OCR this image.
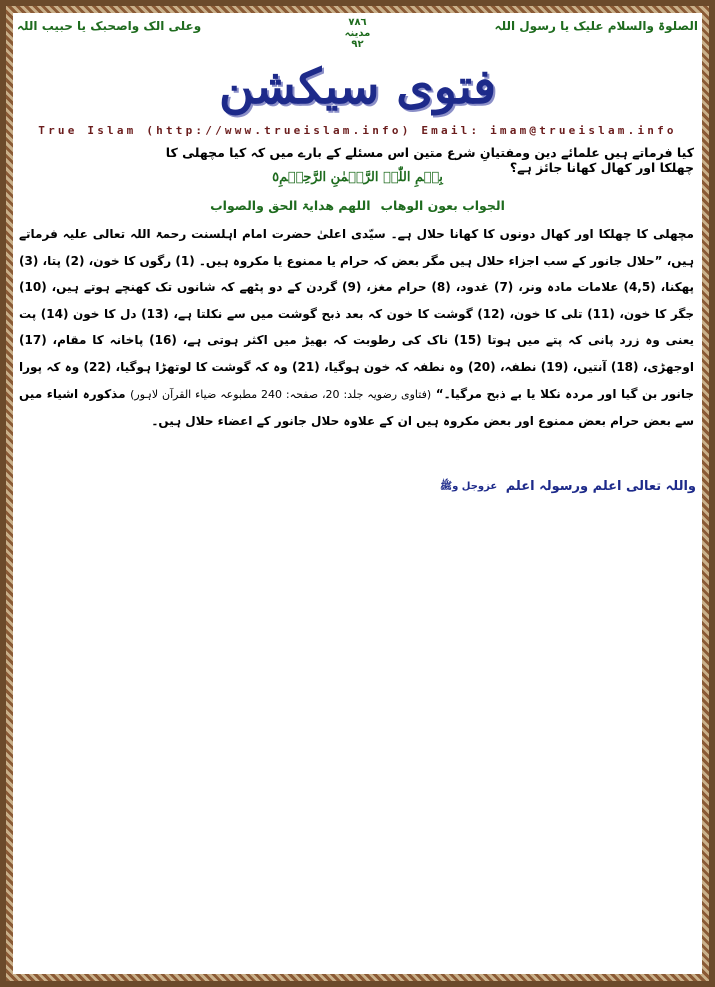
الصلوۃ والسلام علیک یا رسول اللہ
٧٨٦
مدینہ
٩٢
وعلی الک واصحبک یا حبیب اللہ
فتوی سیکشن
True Islam (http://www.trueislam.info) Email: imam@trueislam.info
کیا فرماتے ہیں علمائے دین ومفتیانِ شرع متین اس مسئلے کے بارے میں کہ کیا مچھلی کا چھلکا اور کھال کھانا جائز ہے؟
بِسۡمِ اللّٰہِ الرَّحۡمٰنِ الرَّحِیۡمِ٥
الجواب بعون الوھاباللھم ھدایۃ الحق والصواب
مچھلی کا چھلکا اور کھال دونوں کا کھانا حلال ہے۔ سیّدی اعلیٰ حضرت امام اہلسنت رحمۃ اللہ تعالی علیہ فرماتے ہیں، ”حلال جانور کے سب اجزاء حلال ہیں مگر بعض کہ حرام یا ممنوع یا مکروہ ہیں۔ (1) رگوں کا خون، (2) پتا، (3) پھکنا، (4,5) علامات مادہ ونر، (7) غدود، (8) حرام مغز، (9) گردن کے دو پٹھے کہ شانوں تک کھنچے ہوتے ہیں، (10) جگر کا خون، (11) تلی کا خون، (12) گوشت کا خون کہ بعد ذبح گوشت میں سے نکلتا ہے، (13) دل کا خون (14) پت یعنی وہ زرد پانی کہ پتے میں ہوتا (15) ناک کی رطوبت کہ بھیڑ میں اکثر ہوتی ہے، (16) پاخانہ کا مقام، (17) اوجھڑی، (18) آنتیں، (19) نطفہ، (20) وہ نطفہ کہ خون ہوگیا، (21) وہ کہ گوشت کا لوتھڑا ہوگیا، (22) وہ کہ پورا جانور بن گیا اور مردہ نکلا یا بے ذبح مرگیا۔“ (فتاوی رضویہ جلد: 20، صفحہ: 240 مطبوعہ ضیاء القرآن لاہور) مذکورہ اشیاء میں سے بعض حرام بعض ممنوع اور بعض مکروہ ہیں ان کے علاوہ حلال جانور کے اعضاء حلال ہیں۔
واللہ تعالی اعلم ورسولہ اعلم عزوجل وﷺ
